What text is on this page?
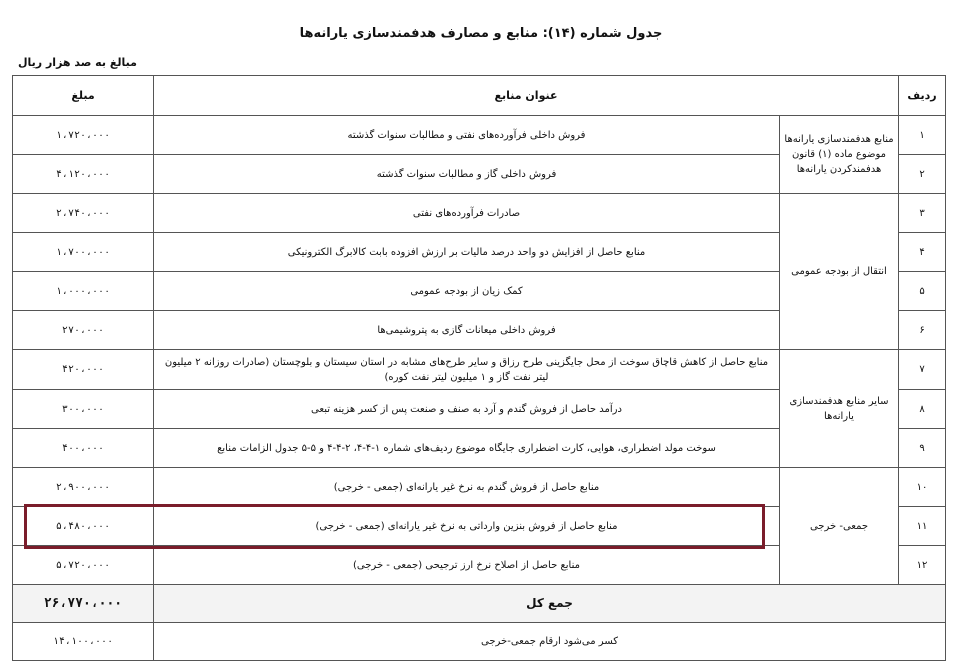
جدول شماره (۱۴): منابع و مصارف هدفمندسازی یارانه‌ها
مبالغ به صد هزار ریال
ردیف	عنوان منابع		مبلغ
۱	منابع هدفمندسازی یارانه‌ها موضوع ماده (۱) قانون هدفمندکردن یارانه‌ها	فروش داخلی فرآورده‌های نفتی و مطالبات سنوات گذشته	۱،۷۲۰،۰۰۰
۲		فروش داخلی گاز و مطالبات سنوات گذشته	۴،۱۲۰،۰۰۰
۳	انتقال از بودجه عمومی	صادرات فرآورده‌های نفتی	۲،۷۴۰،۰۰۰
۴		منابع حاصل از افزایش دو واحد درصد مالیات بر ارزش افزوده بابت کالابرگ الکترونیکی	۱،۷۰۰،۰۰۰
۵		کمک زیان از بودجه عمومی	۱،۰۰۰،۰۰۰
۶		فروش داخلی میعانات گازی به پتروشیمی‌ها	۲۷۰،۰۰۰
۷	سایر منابع هدفمندسازی یارانه‌ها	منابع حاصل از کاهش قاچاق سوخت از محل جایگزینی طرح رزاق و سایر طرح‌های مشابه در استان سیستان و بلوچستان (صادرات روزانه ۲ میلیون لیتر نفت گاز و ۱ میلیون لیتر نفت کوره)	۴۲۰،۰۰۰
۸		درآمد حاصل از فروش گندم و آرد به صنف و صنعت پس از کسر هزینه تبعی	۳۰۰،۰۰۰
۹		سوخت مولد اضطراری، هوایی، کارت اضطراری جایگاه موضوع ردیف‌های شماره ۱-۴-۴، ۲-۴-۴ و ۵-۵ جدول الزامات منابع	۴۰۰،۰۰۰
۱۰	جمعی- خرجی	منابع حاصل از فروش گندم به نرخ غیر یارانه‌ای (جمعی - خرجی)	۲،۹۰۰،۰۰۰
۱۱		منابع حاصل از فروش بنزین وارداتی به نرخ غیر یارانه‌ای (جمعی - خرجی)	۵،۴۸۰،۰۰۰
۱۲		منابع حاصل از اصلاح نرخ ارز ترجیحی (جمعی - خرجی)	۵،۷۲۰،۰۰۰
جمع کل			۲۶،۷۷۰،۰۰۰
کسر می‌شود ارقام جمعی-خرجی			۱۴،۱۰۰،۰۰۰
